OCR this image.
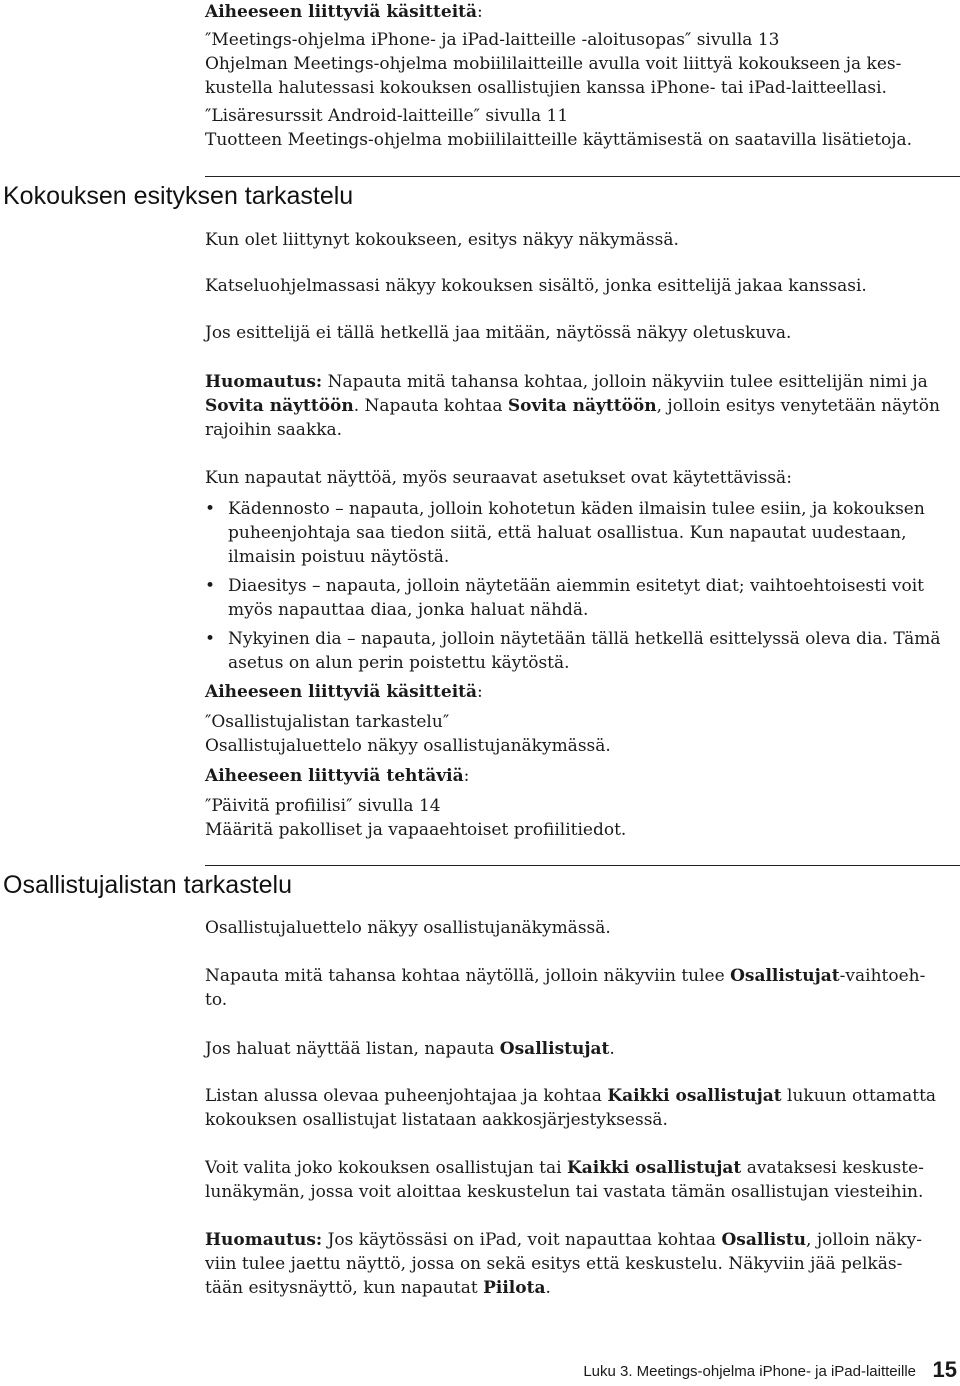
Aiheeseen liittyviä käsitteitä:
″Meetings-ohjelma iPhone- ja iPad-laitteille -aloitusopas″ sivulla 13
Ohjelman Meetings-ohjelma mobiililaitteille avulla voit liittyä kokoukseen ja kes-
kustella halutessasi kokouksen osallistujien kanssa iPhone- tai iPad-laitteellasi.
″Lisäresurssit Android-laitteille″ sivulla 11
Tuotteen Meetings-ohjelma mobiililaitteille käyttämisestä on saatavilla lisätietoja.
Kokouksen esityksen tarkastelu
Kun olet liittynyt kokoukseen, esitys näkyy näkymässä.
Katseluohjelmassasi näkyy kokouksen sisältö, jonka esittelijä jakaa kanssasi.
Jos esittelijä ei tällä hetkellä jaa mitään, näytössä näkyy oletuskuva.
Huomautus: Napauta mitä tahansa kohtaa, jolloin näkyviin tulee esittelijän nimi ja Sovita näyttöön. Napauta kohtaa Sovita näyttöön, jolloin esitys venytetään näytön rajoihin saakka.
Kun napautat näyttöä, myös seuraavat asetukset ovat käytettävissä:
• Kädennosto – napauta, jolloin kohotetun käden ilmaisin tulee esiin, ja kokouksen puheenjohtaja saa tiedon siitä, että haluat osallistua. Kun napautat uudestaan, ilmaisin poistuu näytöstä.
• Diaesitys – napauta, jolloin näytetään aiemmin esitetyt diat; vaihtoehtoisesti voit myös napauttaa diaa, jonka haluat nähdä.
• Nykyinen dia – napauta, jolloin näytetään tällä hetkellä esittelyssä oleva dia. Tämä asetus on alun perin poistettu käytöstä.
Aiheeseen liittyviä käsitteitä:
″Osallistujalistan tarkastelu″
Osallistujaluettelo näkyy osallistujanäkymässä.
Aiheeseen liittyviä tehtäviä:
″Päivitä profiilisi″ sivulla 14
Määritä pakolliset ja vapaaehtoiset profiilitiedot.
Osallistujalistan tarkastelu
Osallistujaluettelo näkyy osallistujanäkymässä.
Napauta mitä tahansa kohtaa näytöllä, jolloin näkyviin tulee Osallistujat-vaihtoeh-
to.
Jos haluat näyttää listan, napauta Osallistujat.
Listan alussa olevaa puheenjohtajaa ja kohtaa Kaikki osallistujat lukuun ottamatta
kokouksen osallistujat listataan aakkosjärjestyksessä.
Voit valita joko kokouksen osallistujan tai Kaikki osallistujat avataksesi keskuste-
lunäkymän, jossa voit aloittaa keskustelun tai vastata tämän osallistujan viesteihin.
Huomautus: Jos käytössäsi on iPad, voit napauttaa kohtaa Osallistu, jolloin näky-
viin tulee jaettu näyttö, jossa on sekä esitys että keskustelu. Näkyviin jää pelkäs-
tään esitysnäyttö, kun napautat Piilota.
Luku 3. Meetings-ohjelma iPhone- ja iPad-laitteille 15
